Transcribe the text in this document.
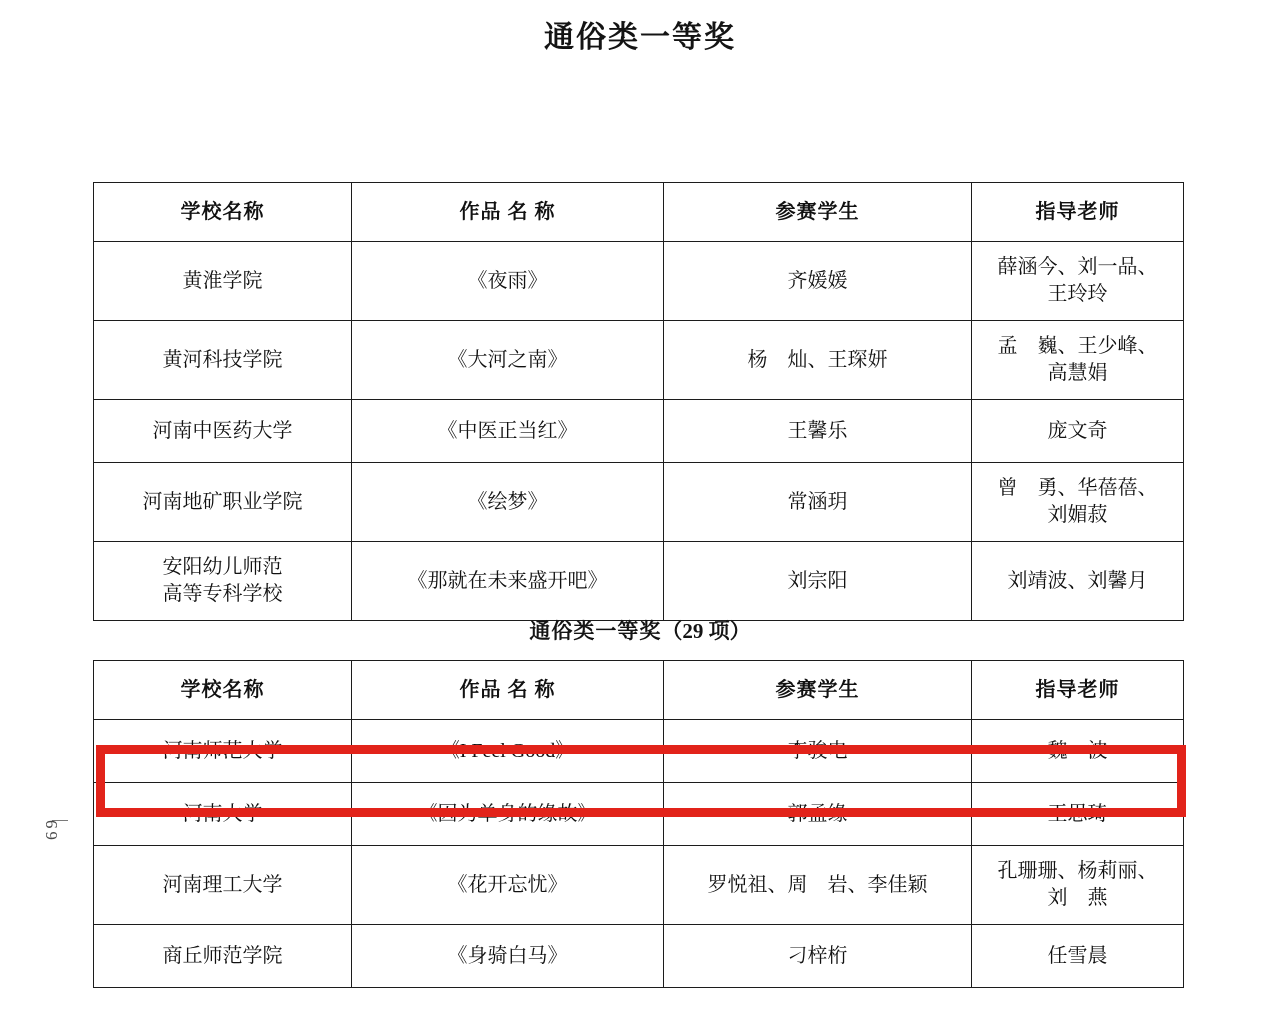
通俗类一等奖
学校名称	作品 名 称	参赛学生	指导老师
黄淮学院	《夜雨》	齐媛媛	薛涵今、刘一品、
王玲玲

黄河科技学院	《大河之南》	杨　灿、王琛妍	孟　巍、王少峰、
高慧娟

河南中医药大学	《中医正当红》	王馨乐	庞文奇
河南地矿职业学院	《绘梦》	常涵玥	曾　勇、华蓓蓓、
刘媚菽

安阳幼儿师范
高等专科学校	《那就在未来盛开吧》	刘宗阳	刘靖波、刘馨月
通俗类一等奖（29 项）
学校名称	作品 名 称	参赛学生	指导老师
河南师范大学	《I Feel Good》	李骏电	魏　波
河南大学	《因为单身的缘故》	郭孟缘	王思琦
河南理工大学	《花开忘忧》	罗悦祖、周　岩、李佳颖	孔珊珊、杨莉丽、
刘　燕

商丘师范学院	《身骑白马》	刁梓桁	任雪晨
69
